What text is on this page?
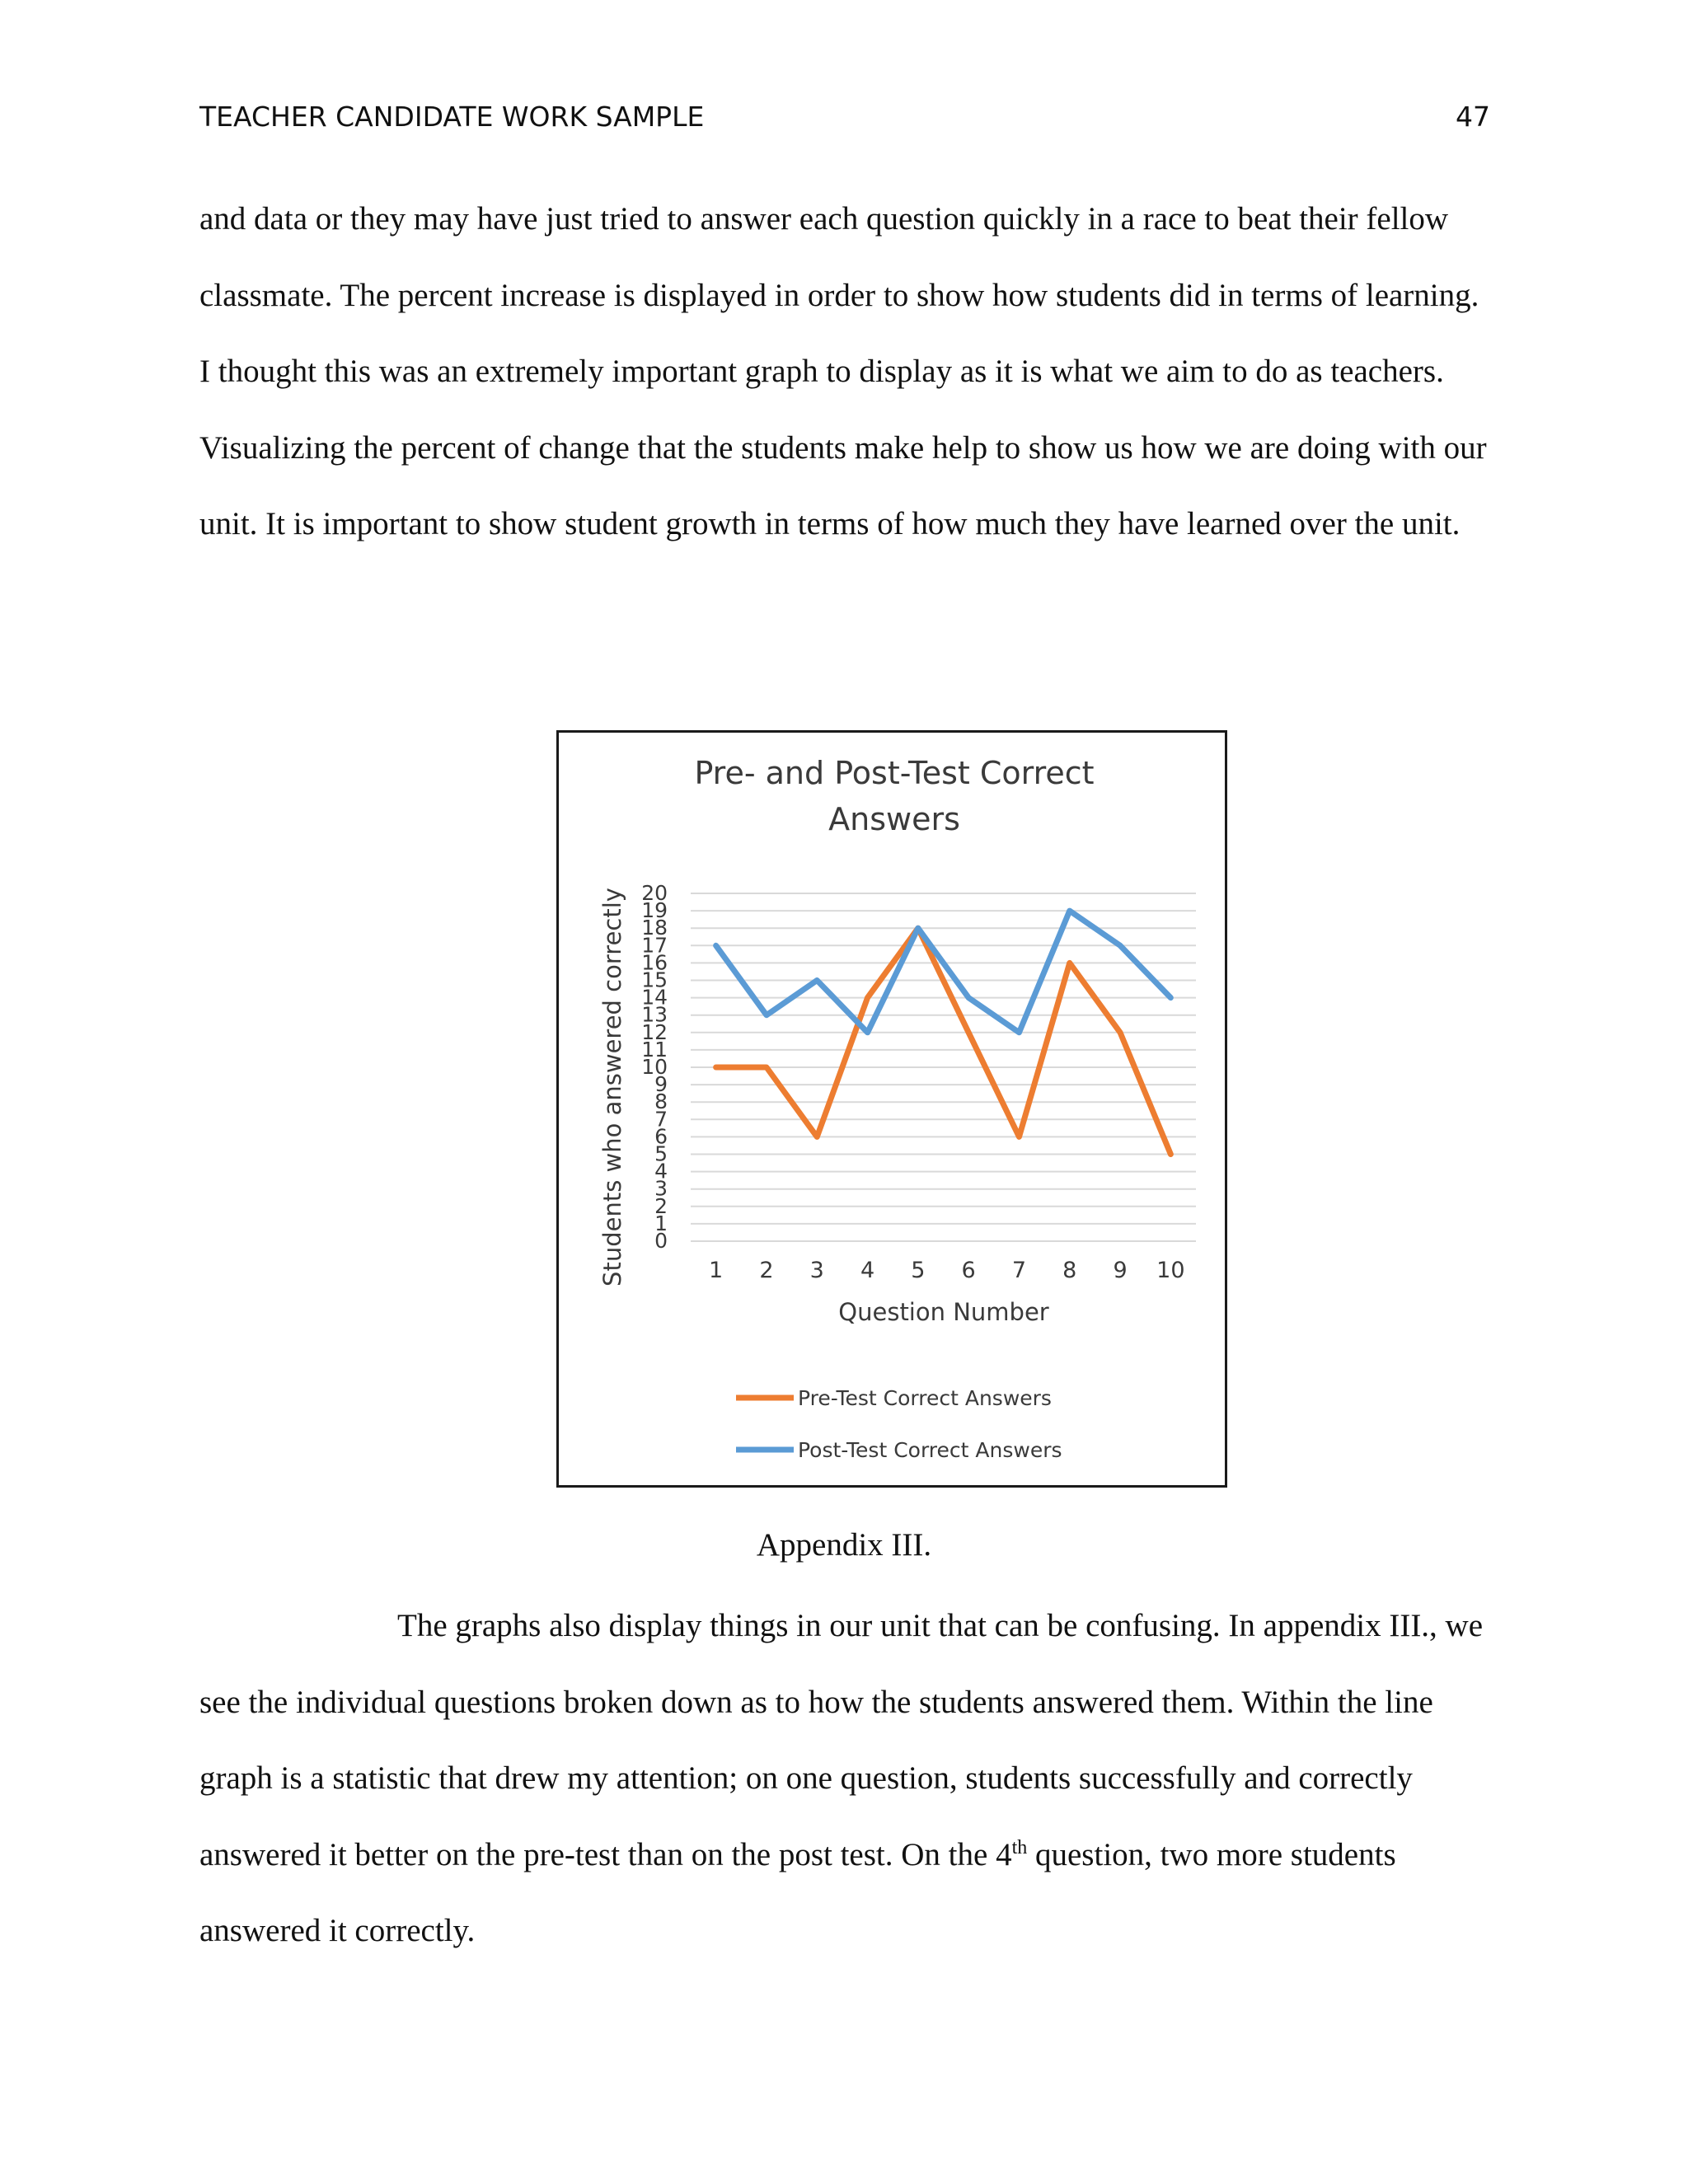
TEACHER CANDIDATE WORK SAMPLE	47

and data or they may have just tried to answer each question quickly in a race to beat their fellow classmate. The percent increase is displayed in order to show how students did in terms of learning. I thought this was an extremely important graph to display as it is what we aim to do as teachers. Visualizing the percent of change that the students make help to show us how we are doing with our unit. It is important to show student growth in terms of how much they have learned over the unit.

Pre- and Post-Test Correct
Answers
0
1
2
3
4
5
6
7
8
9
10
11
12
13
14
15
16
17
18
19
20
1 2 3 4 5 6 7 8 9 10
Question Number
Students who answered correctly
Pre-Test Correct Answers
Post-Test Correct Answers
Appendix III.

The graphs also display things in our unit that can be confusing. In appendix III., we see the individual questions broken down as to how the students answered them. Within the line graph is a statistic that drew my attention; on one question, students successfully and correctly answered it better on the pre-test than on the post test. On the 4th question, two more students answered it correctly.
